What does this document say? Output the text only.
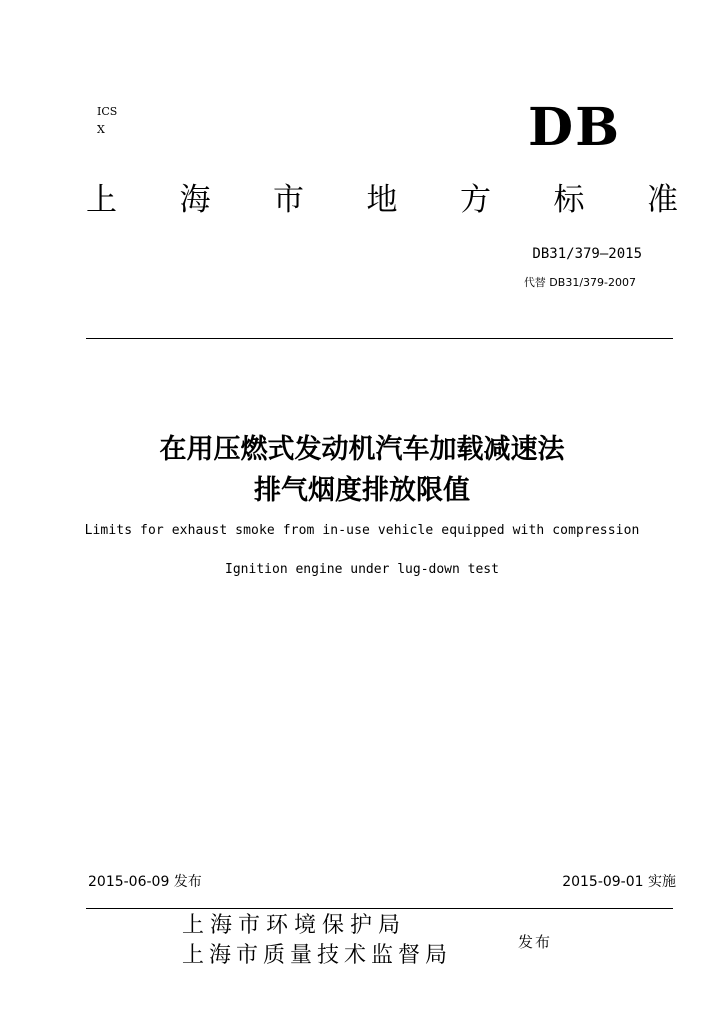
ICS
X	DB
上 海 市 地 方 标 准
DB31/379—2015
代替 DB31/379-2007
在用压燃式发动机汽车加载减速法
排气烟度排放限值
Limits for exhaust smoke from in-use vehicle equipped with compression
Ignition engine under lug-down test
2015-06-09 发布	2015-09-01 实施
上海市环境保护局
上海市质量技术监督局
发布
